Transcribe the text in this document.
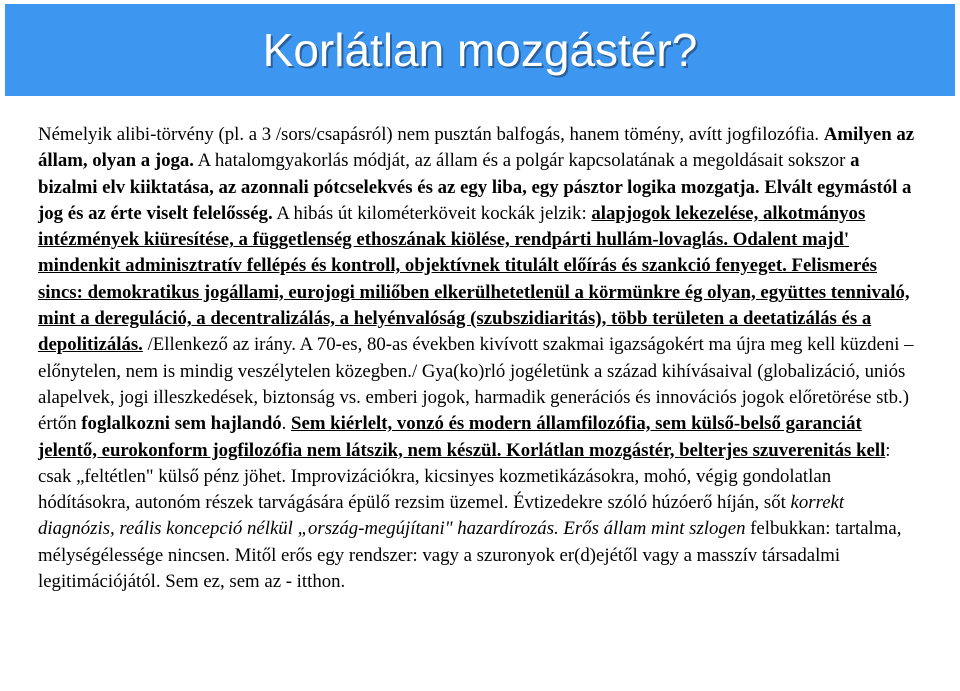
Korlátlan mozgástér?

Némelyik alibi-törvény (pl. a 3 /sors/csapásról) nem pusztán balfogás, hanem tömény, avítt jogfilozófia. Amilyen az állam, olyan a joga. A hatalomgyakorlás módját, az állam és a polgár kapcsolatának a megoldásait sokszor a bizalmi elv kiiktatása, az azonnali pótcselekvés és az egy liba, egy pásztor logika mozgatja. Elvált egymástól a jog és az érte viselt felelősség. A hibás út kilométerköveit kockák jelzik: alapjogok lekezelése, alkotmányos intézmények kiüresítése, a függetlenség ethoszának kiölése, rendpárti hullám-lovaglás. Odalent majd' mindenkit adminisztratív fellépés és kontroll, objektívnek titulált előírás és szankció fenyeget. Felismerés sincs: demokratikus jogállami, eurojogi miliőben elkerülhetetlenül a körmünkre ég olyan, együttes tennivaló, mint a dereguláció, a decentralizálás, a helyénvalóság (szubszidiaritás), több területen a deetatizálás és a depolitizálás. /Ellenkező az irány. A 70-es, 80-as években kivívott szakmai igazságokért ma újra meg kell küzdeni – előnytelen, nem is mindig veszélytelen közegben./ Gya(ko)rló jogéletünk a század kihívásaival (globalizáció, uniós alapelvek, jogi illeszkedések, biztonság vs. emberi jogok, harmadik generációs és innovációs jogok előretörése stb.) értőn foglalkozni sem hajlandó. Sem kiérlelt, vonzó és modern államfilozófia, sem külső-belső garanciát jelentő, eurokonform jogfilozófia nem látszik, nem készül. Korlátlan mozgástér, belterjes szuverenitás kell: csak „feltétlen" külső pénz jöhet. Improvizációkra, kicsinyes kozmetikázásokra, mohó, végig gondolatlan hódításokra, autonóm részek tarvágására épülő rezsim üzemel. Évtizedekre szóló húzóerő híján, sőt korrekt diagnózis, reális koncepció nélkül „ország-megújítani" hazardírozás. Erős állam mint szlogen felbukkan: tartalma, mélységélessége nincsen. Mitől erős egy rendszer: vagy a szuronyok er(d)ejétől vagy a masszív társadalmi legitimációjától. Sem ez, sem az - itthon.
